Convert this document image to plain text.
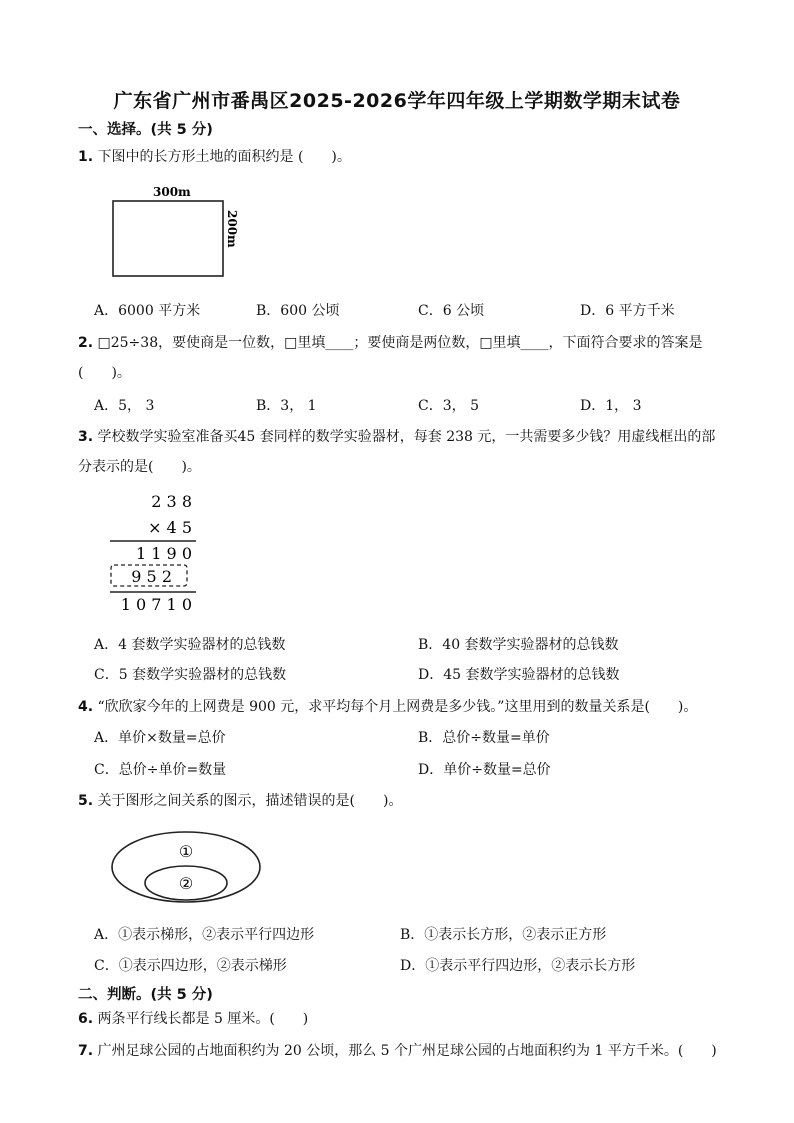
广东省广州市番禺区2025-2026学年四年级上学期数学期末试卷
一、选择。(共 5 分)
1. 下图中的长方形土地的面积约是 (　　)。
300m
200m
A．6000 平方米	B．600 公顷	C．6 公顷	D．6 平方千米
2. □25÷38，要使商是一位数，□里填____；要使商是两位数，□里填____，下面符合要求的答案是
(　　)。
A．5， 3	B．3， 1	C．3， 5	D．1， 3
3. 学校数学实验室准备买45 套同样的数学实验器材，每套 238 元，一共需要多少钱？用虚线框出的部
分表示的是(　　)。
2 3 8
× 4 5
1 1 9 0
9 5 2
1 0 7 1 0
A．4 套数学实验器材的总钱数	B．40 套数学实验器材的总钱数
C．5 套数学实验器材的总钱数	D．45 套数学实验器材的总钱数
4. “欣欣家今年的上网费是 900 元，求平均每个月上网费是多少钱。”这里用到的数量关系是(　　)。
A．单价×数量=总价	B．总价÷数量=单价
C．总价÷单价=数量	D．单价÷数量=总价
5. 关于图形之间关系的图示，描述错误的是(　　)。
①
②
A．①表示梯形，②表示平行四边形	B．①表示长方形，②表示正方形
C．①表示四边形，②表示梯形	D．①表示平行四边形，②表示长方形
二、判断。(共 5 分)
6. 两条平行线长都是 5 厘米。(　　)
7. 广州足球公园的占地面积约为 20 公顷，那么 5 个广州足球公园的占地面积约为 1 平方千米。(　　)
